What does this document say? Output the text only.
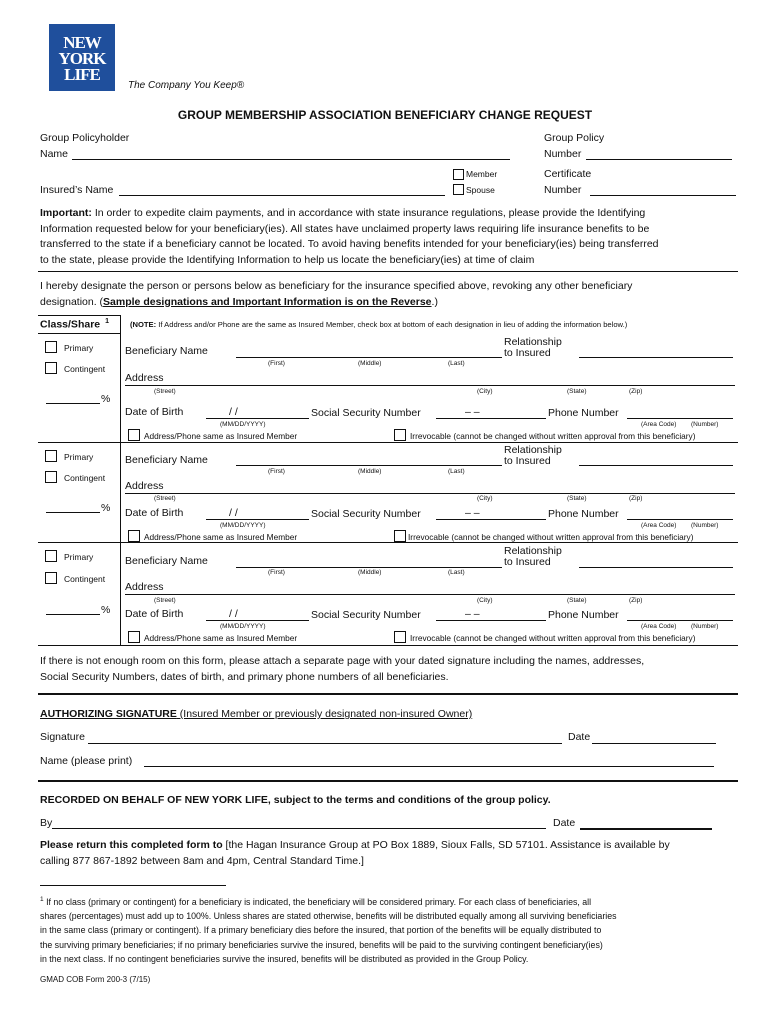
NEW
YORK
LIFE
The Company You Keep®
GROUP MEMBERSHIP ASSOCIATION BENEFICIARY CHANGE REQUEST
Group Policyholder
Name
Group Policy
Number
Member
Spouse
Certificate
Number
Insured’s Name
Important: In order to expedite claim payments, and in accordance with state insurance regulations, please provide the Identifying
Information requested below for your beneficiary(ies). All states have unclaimed property laws requiring life insurance benefits to be
transferred to the state if a beneficiary cannot be located. To avoid having benefits intended for your beneficiary(ies) being transferred
to the state, please provide the Identifying Information to help us locate the beneficiary(ies) at time of claim
I hereby designate the person or persons below as beneficiary for the insurance specified above, revoking any other beneficiary
designation. (Sample designations and Important Information is on the Reverse.)
Class/Share $^1$	(NOTE: If Address and/or Phone are the same as Insured Member, check box at bottom of each designation in lieu of adding the information below.)
Primary
Contingent
%
Beneficiary Name
(First)	(Middle)	(Last)
Relationship
to Insured
Address
(Street)	(City)	(State)	(Zip)
Date of Birth	/ /
(MM/DD/YYYY)
Social Security Number	– –	Phone Number
(Area Code) (Number)
Address/Phone same as Insured Member	Irrevocable (cannot be changed without written approval from this beneficiary)
Primary
Contingent
%
Beneficiary Name
(First)	(Middle)	(Last)
Relationship
to Insured
Address
(Street)	(City)	(State)	(Zip)
Date of Birth	/ /
(MM/DD/YYYY)
Social Security Number	– –	Phone Number
(Area Code) (Number)
Address/Phone same as Insured Member	Irrevocable (cannot be changed without written approval from this beneficiary)
Primary
Contingent
%
Beneficiary Name
(First)	(Middle)	(Last)
Relationship
to Insured
Address
(Street)	(City)	(State)	(Zip)
Date of Birth	/ /
(MM/DD/YYYY)
Social Security Number	– –	Phone Number
(Area Code) (Number)
Address/Phone same as Insured Member	Irrevocable (cannot be changed without written approval from this beneficiary)
If there is not enough room on this form, please attach a separate page with your dated signature including the names, addresses,
Social Security Numbers, dates of birth, and primary phone numbers of all beneficiaries.
AUTHORIZING SIGNATURE (Insured Member or previously designated non-insured Owner)
Signature	Date
Name (please print)
RECORDED ON BEHALF OF NEW YORK LIFE, subject to the terms and conditions of the group policy.
By	Date
Please return this completed form to [the Hagan Insurance Group at PO Box 1889, Sioux Falls, SD 57101. Assistance is available by
calling 877 867-1892 between 8am and 4pm, Central Standard Time.]
$^1$ If no class (primary or contingent) for a beneficiary is indicated, the beneficiary will be considered primary. For each class of beneficiaries, all
shares (percentages) must add up to 100%. Unless shares are stated otherwise, benefits will be distributed equally among all surviving beneficiaries
in the same class (primary or contingent). If a primary beneficiary dies before the insured, that portion of the benefits will be equally distributed to
the surviving primary beneficiaries; if no primary beneficiaries survive the insured, benefits will be paid to the surviving contingent beneficiary(ies)
in the next class. If no contingent beneficiaries survive the insured, benefits will be distributed as provided in the Group Policy.
GMAD COB Form 200-3 (7/15)
